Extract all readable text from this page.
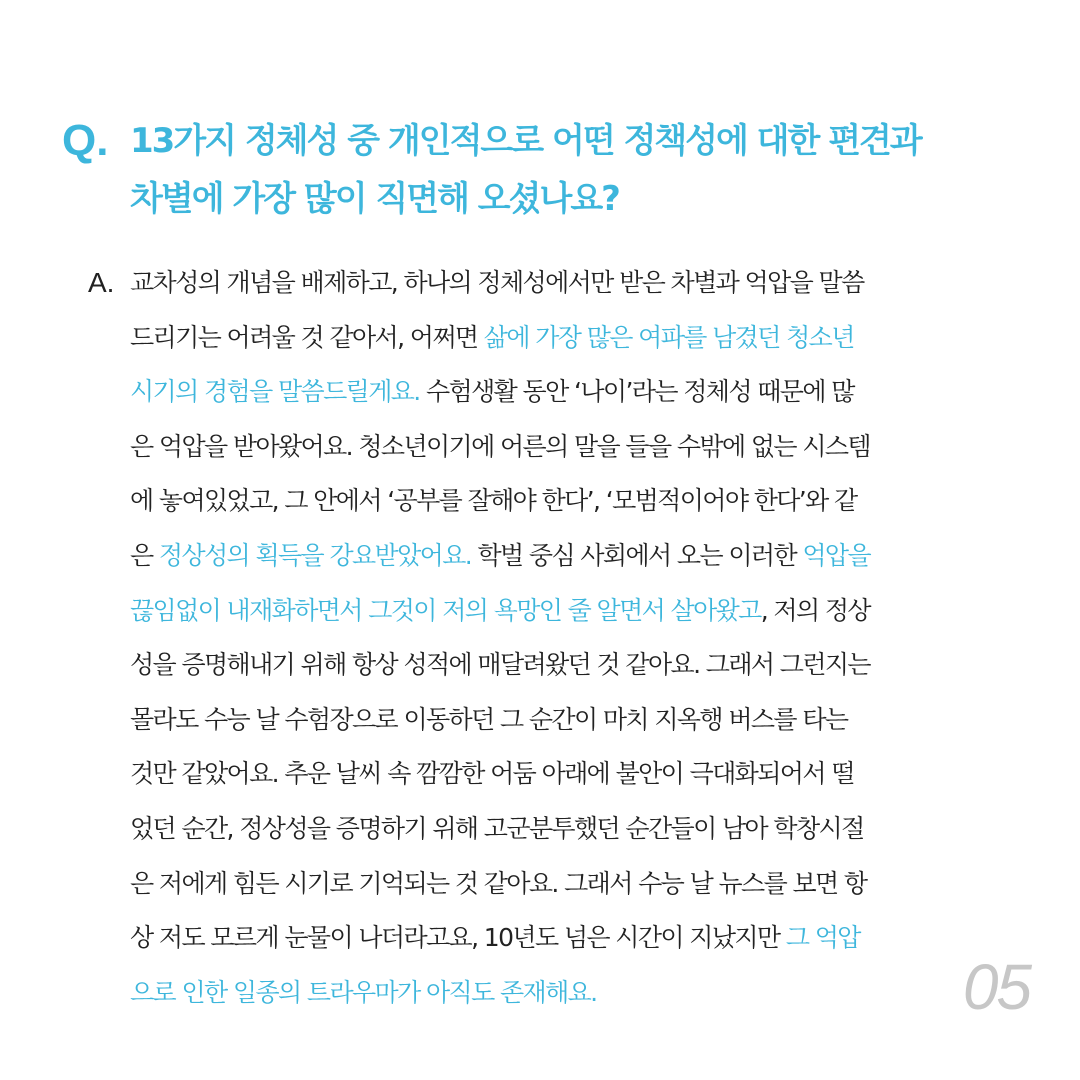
Q. 13가지 정체성 중 개인적으로 어떤 정책성에 대한 편견과
차별에 가장 많이 직면해 오셨나요?
A. 교차성의 개념을 배제하고, 하나의 정체성에서만 받은 차별과 억압을 말씀
드리기는 어려울 것 같아서, 어쩌면 삶에 가장 많은 여파를 남겼던 청소년
시기의 경험을 말씀드릴게요. 수험생활 동안 ‘나이’라는 정체성 때문에 많
은 억압을 받아왔어요. 청소년이기에 어른의 말을 들을 수밖에 없는 시스템
에 놓여있었고, 그 안에서 ‘공부를 잘해야 한다’, ‘모범적이어야 한다’와 같
은 정상성의 획득을 강요받았어요. 학벌 중심 사회에서 오는 이러한 억압을
끊임없이 내재화하면서 그것이 저의 욕망인 줄 알면서 살아왔고, 저의 정상
성을 증명해내기 위해 항상 성적에 매달려왔던 것 같아요. 그래서 그런지는
몰라도 수능 날 수험장으로 이동하던 그 순간이 마치 지옥행 버스를 타는
것만 같았어요. 추운 날씨 속 깜깜한 어둠 아래에 불안이 극대화되어서 떨
었던 순간, 정상성을 증명하기 위해 고군분투했던 순간들이 남아 학창시절
은 저에게 힘든 시기로 기억되는 것 같아요. 그래서 수능 날 뉴스를 보면 항
상 저도 모르게 눈물이 나더라고요, 10년도 넘은 시간이 지났지만 그 억압
으로 인한 일종의 트라우마가 아직도 존재해요.	05
